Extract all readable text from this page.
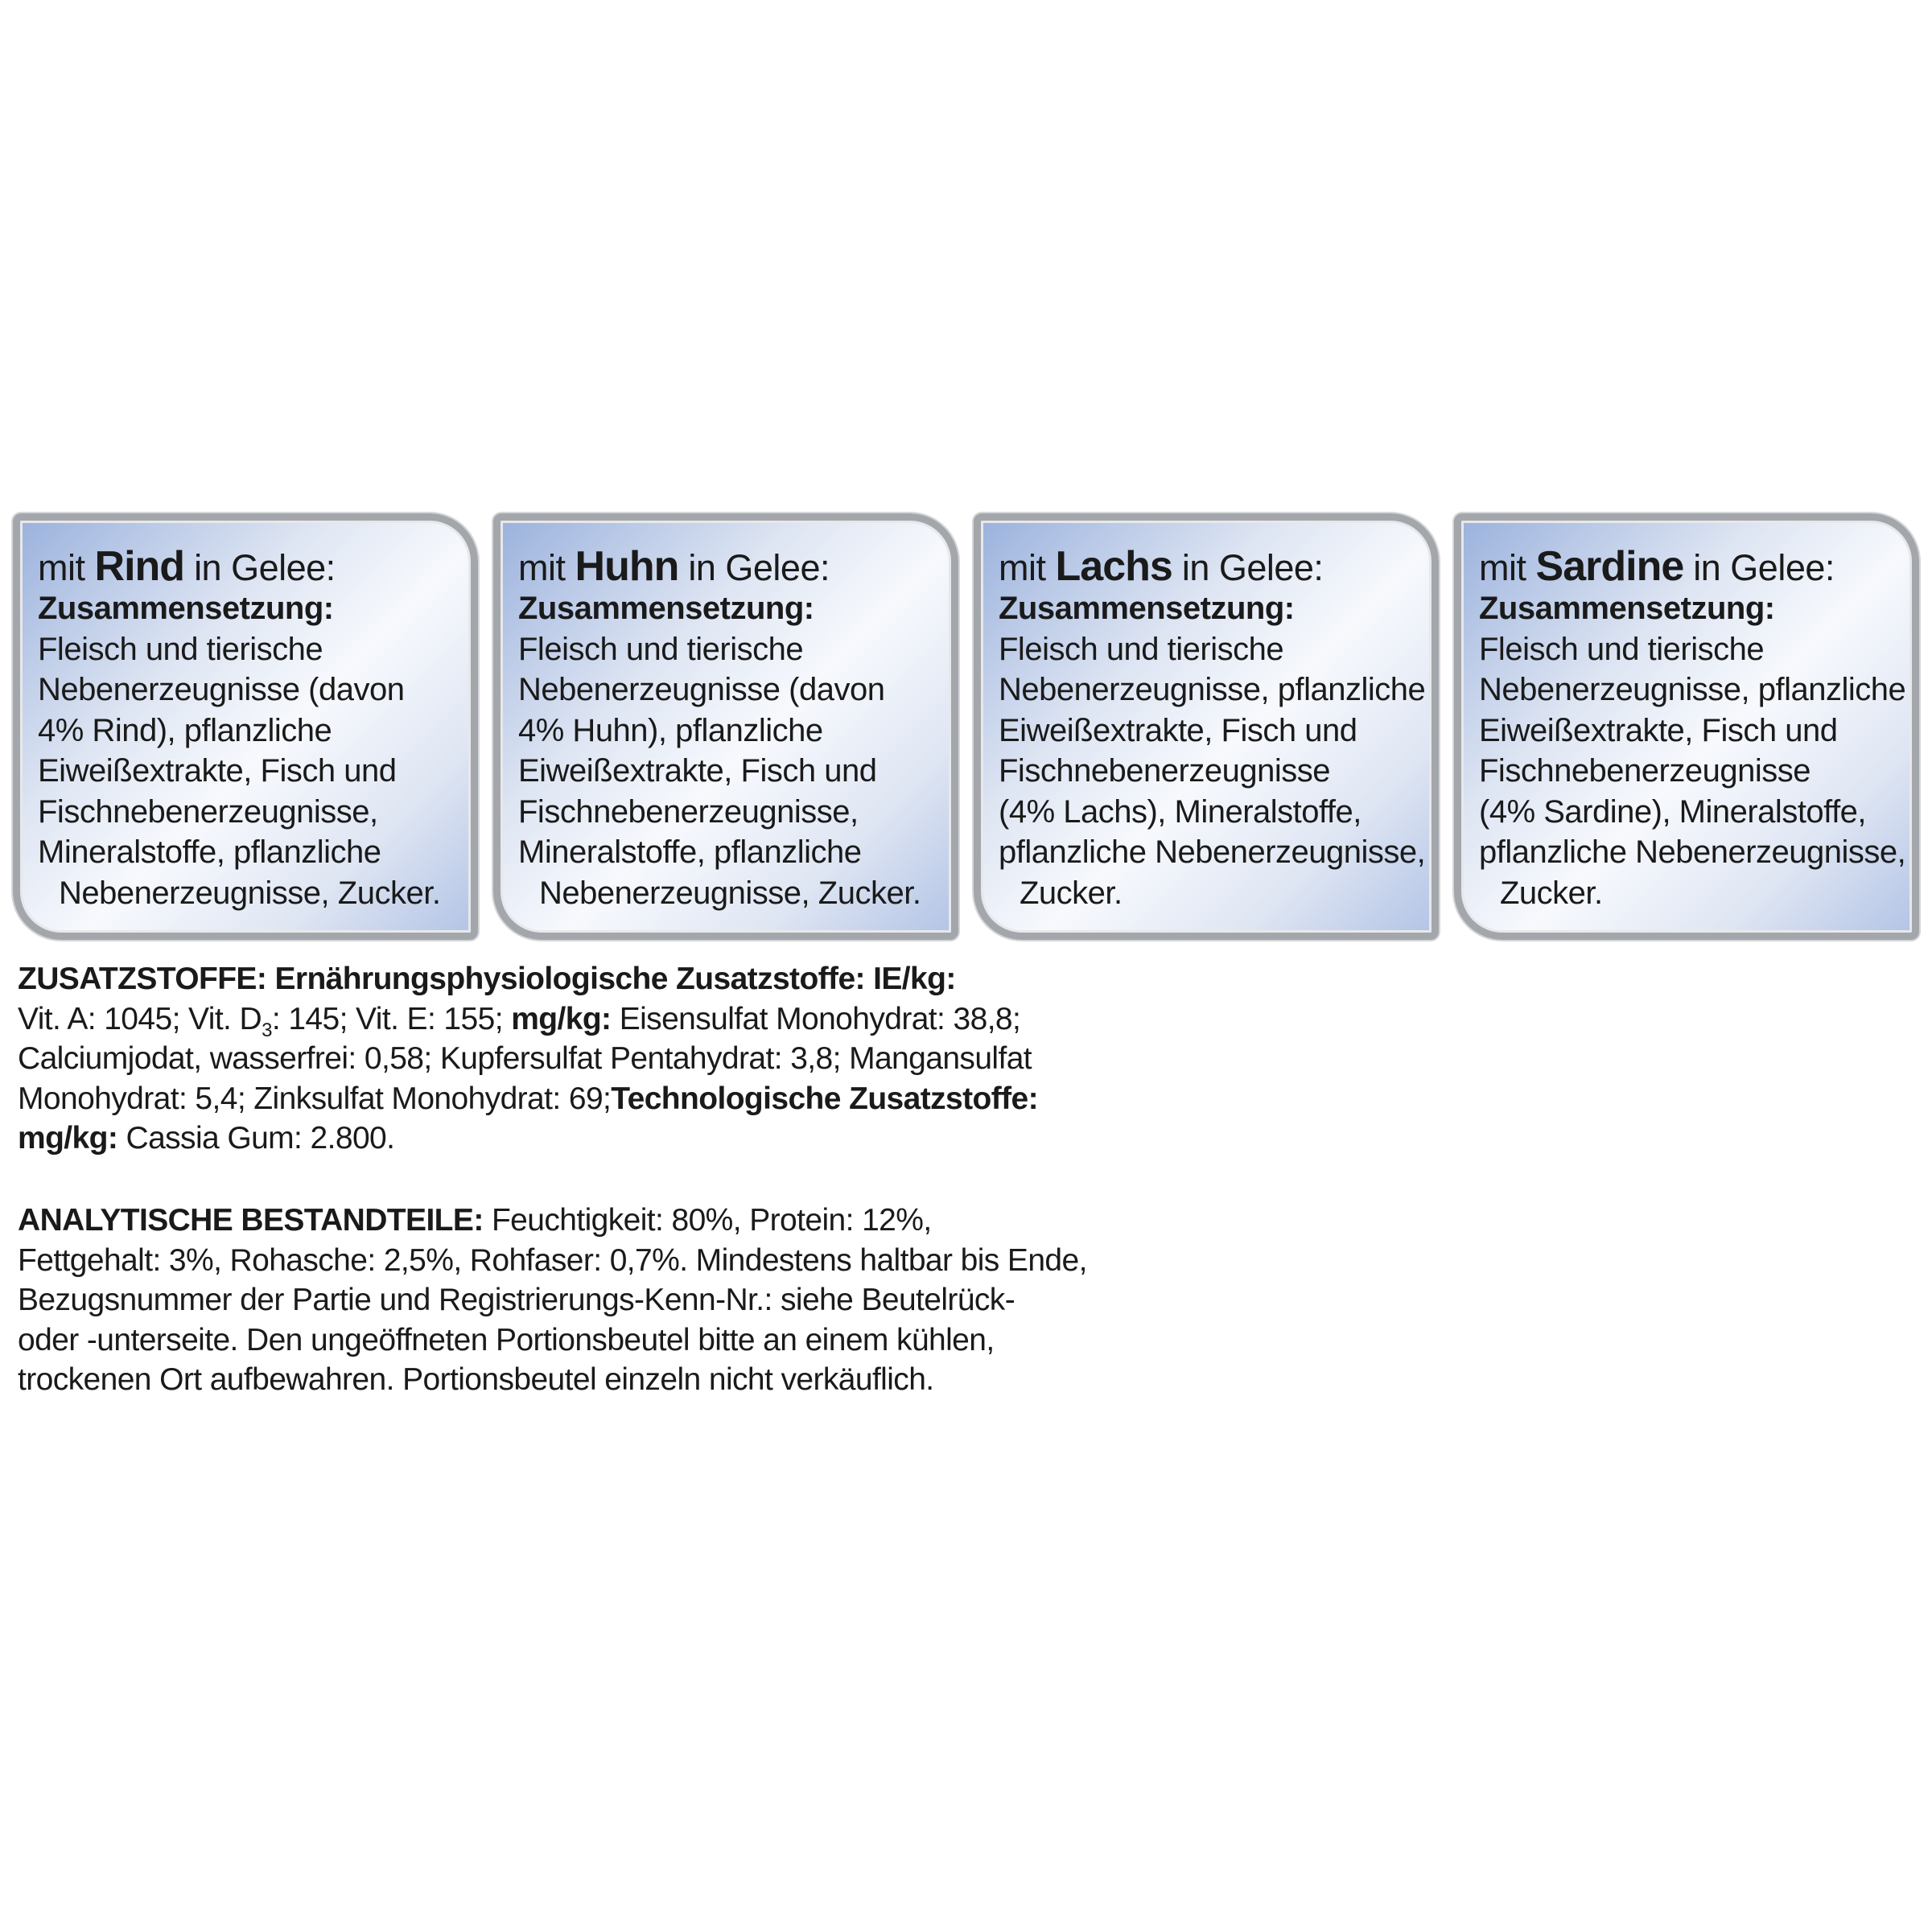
mit Rind in Gelee:
Zusammensetzung:
Fleisch und tierische
Nebenerzeugnisse (davon
4% Rind), pflanzliche
Eiweißextrakte, Fisch und
Fischnebenerzeugnisse,
Mineralstoffe, pflanzliche
Nebenerzeugnisse, Zucker.
mit Huhn in Gelee:
Zusammensetzung:
Fleisch und tierische
Nebenerzeugnisse (davon
4% Huhn), pflanzliche
Eiweißextrakte, Fisch und
Fischnebenerzeugnisse,
Mineralstoffe, pflanzliche
Nebenerzeugnisse, Zucker.
mit Lachs in Gelee:
Zusammensetzung:
Fleisch und tierische
Nebenerzeugnisse, pflanzliche
Eiweißextrakte, Fisch und
Fischnebenerzeugnisse
(4% Lachs), Mineralstoffe,
pflanzliche Nebenerzeugnisse,
Zucker.
mit Sardine in Gelee:
Zusammensetzung:
Fleisch und tierische
Nebenerzeugnisse, pflanzliche
Eiweißextrakte, Fisch und
Fischnebenerzeugnisse
(4% Sardine), Mineralstoffe,
pflanzliche Nebenerzeugnisse,
Zucker.
ZUSATZSTOFFE: Ernährungsphysiologische Zusatzstoffe: IE/kg:
Vit. A: 1045; Vit. $D_3$: 145; Vit. E: 155; mg/kg: Eisensulfat Monohydrat: 38,8;
Calciumjodat, wasserfrei: 0,58; Kupfersulfat Pentahydrat: 3,8; Mangansulfat
Monohydrat: 5,4; Zinksulfat Monohydrat: 69;Technologische Zusatzstoffe:
mg/kg: Cassia Gum: 2.800.
ANALYTISCHE BESTANDTEILE: Feuchtigkeit: 80%, Protein: 12%,
Fettgehalt: 3%, Rohasche: 2,5%, Rohfaser: 0,7%. Mindestens haltbar bis Ende,
Bezugsnummer der Partie und Registrierungs-Kenn-Nr.: siehe Beutelrück-
oder -unterseite. Den ungeöffneten Portionsbeutel bitte an einem kühlen,
trockenen Ort aufbewahren. Portionsbeutel einzeln nicht verkäuflich.
